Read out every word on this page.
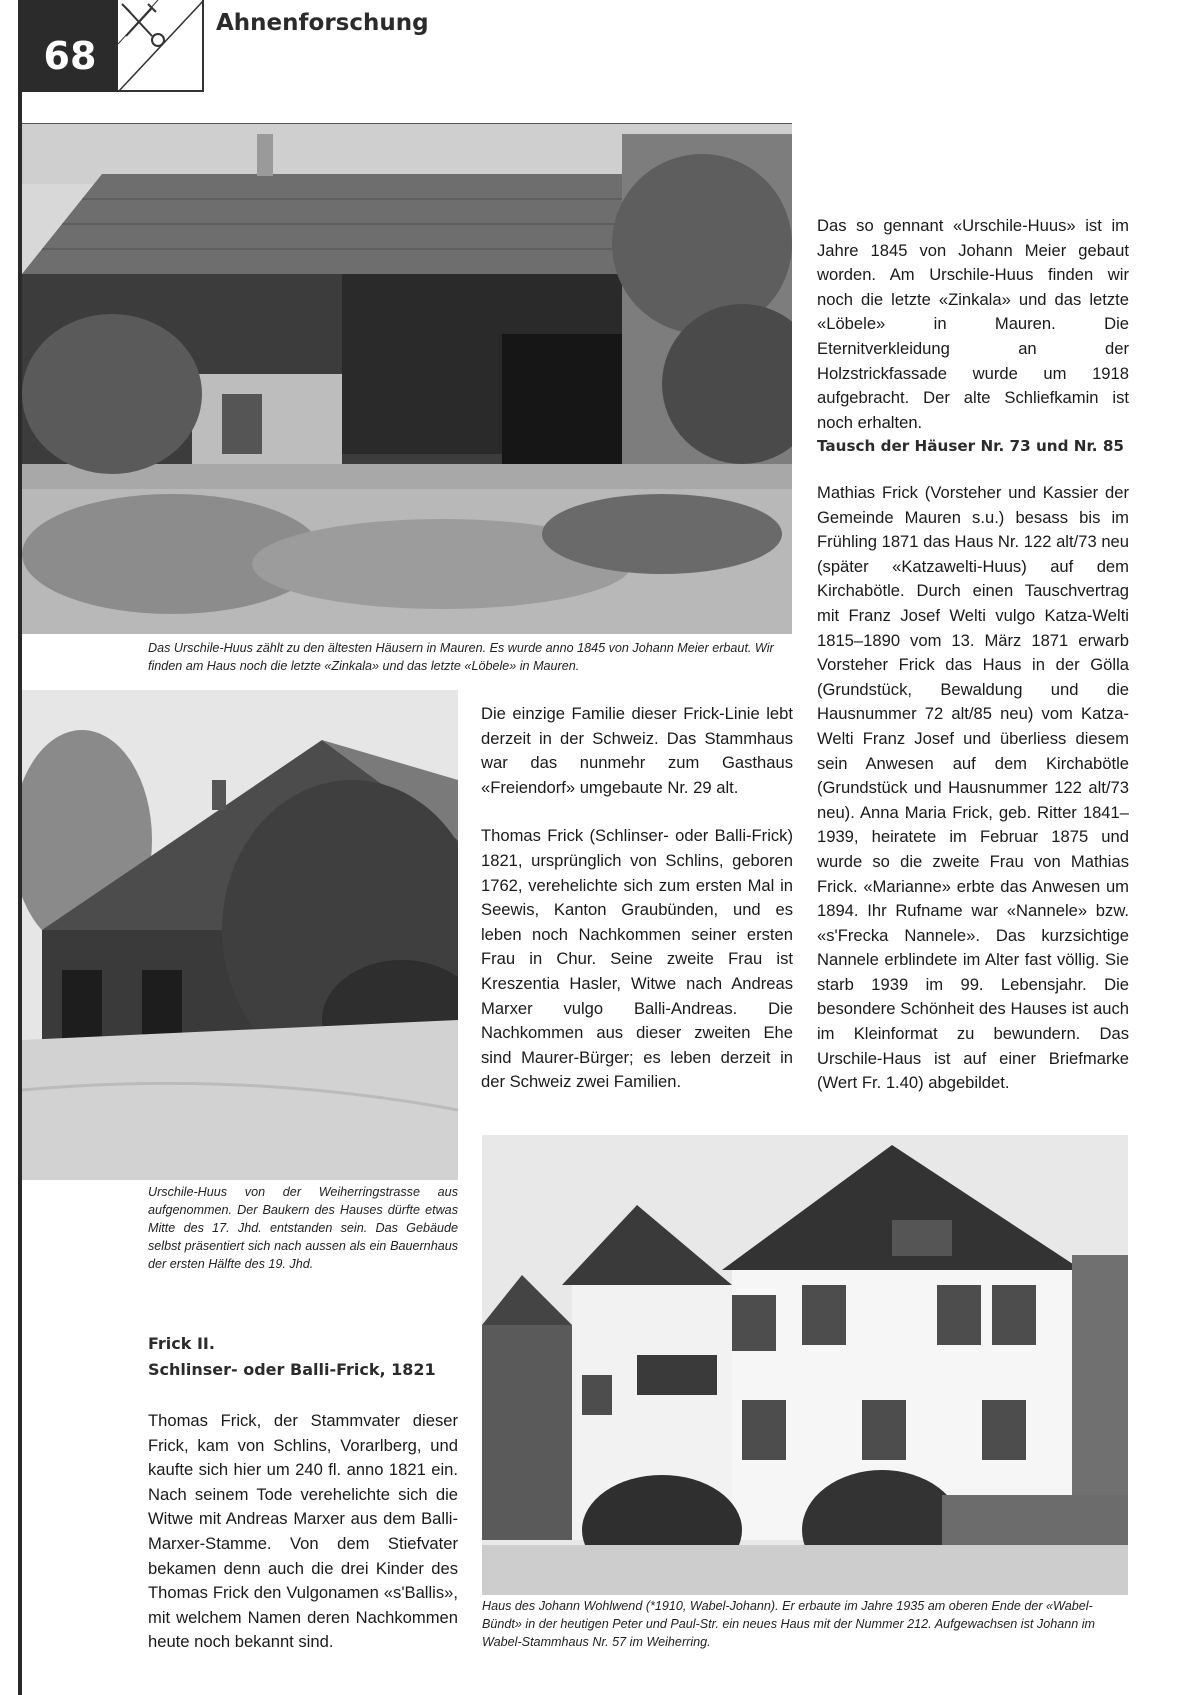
68
Ahnenforschung
Das Urschile-Huus zählt zu den ältesten Häusern in Mauren. Es wurde anno 1845 von Johann Meier erbaut. Wir finden am Haus noch die letzte «Zinkala» und das letzte «Löbele» in Mauren.
Urschile-Huus von der Weiherringstrasse aus aufgenommen. Der Baukern des Hauses dürfte etwas Mitte des 17. Jhd. entstanden sein. Das Gebäude selbst präsentiert sich nach aussen als ein Bauernhaus der ersten Hälfte des 19. Jhd.
Haus des Johann Wohlwend (*1910, Wabel-Johann). Er erbaute im Jahre 1935 am oberen Ende der «Wabel-Bündt» in der heutigen Peter und Paul-Str. ein neues Haus mit der Nummer 212. Aufgewachsen ist Johann im Wabel-Stammhaus Nr. 57 im Weiherring.

Das so gennant «Urschile-Huus» ist im Jahre 1845 von Johann Meier gebaut worden. Am Urschile-Huus finden wir noch die letzte «Zinkala» und das letzte «Löbele» in Mauren. Die Eternitverkleidung an der Holzstrickfassade wurde um 1918 aufgebracht. Der alte Schliefkamin ist noch erhalten.

Tausch der Häuser Nr. 73 und Nr. 85

Mathias Frick (Vorsteher und Kassier der Gemeinde Mauren s.u.) besass bis im Frühling 1871 das Haus Nr. 122 alt/73 neu (später «Katzawelti-Huus) auf dem Kirchabötle. Durch einen Tauschvertrag mit Franz Josef Welti vulgo Katza-Welti 1815–1890 vom 13. März 1871 erwarb Vorsteher Frick das Haus in der Gölla (Grundstück, Bewaldung und die Hausnummer 72 alt/85 neu) vom Katza-Welti Franz Josef und überliess diesem sein Anwesen auf dem Kirchabötle (Grundstück und Hausnummer 122 alt/73 neu). Anna Maria Frick, geb. Ritter 1841–1939, heiratete im Februar 1875 und wurde so die zweite Frau von Mathias Frick. «Marianne» erbte das Anwesen um 1894. Ihr Rufname war «Nannele» bzw. «s'Frecka Nannele». Das kurzsichtige Nannele erblindete im Alter fast völlig. Sie starb 1939 im 99. Lebensjahr. Die besondere Schönheit des Hauses ist auch im Kleinformat zu bewundern. Das Urschile-Haus ist auf einer Briefmarke (Wert Fr. 1.40) abgebildet.

Die einzige Familie dieser Frick-Linie lebt derzeit in der Schweiz. Das Stammhaus war das nunmehr zum Gasthaus «Freiendorf» umgebaute Nr. 29 alt.

Thomas Frick (Schlinser- oder Balli-Frick) 1821, ursprünglich von Schlins, geboren 1762, verehelichte sich zum ersten Mal in Seewis, Kanton Graubünden, und es leben noch Nachkommen seiner ersten Frau in Chur. Seine zweite Frau ist Kreszentia Hasler, Witwe nach Andreas Marxer vulgo Balli-Andreas. Die Nachkommen aus dieser zweiten Ehe sind Maurer-Bürger; es leben derzeit in der Schweiz zwei Familien.

Frick II.
Schlinser- oder Balli-Frick, 1821

Thomas Frick, der Stammvater dieser Frick, kam von Schlins, Vorarlberg, und kaufte sich hier um 240 fl. anno 1821 ein. Nach seinem Tode verehelichte sich die Witwe mit Andreas Marxer aus dem Balli-Marxer-Stamme. Von dem Stiefvater bekamen denn auch die drei Kinder des Thomas Frick den Vulgonamen «s'Ballis», mit welchem Namen deren Nachkommen heute noch bekannt sind.
